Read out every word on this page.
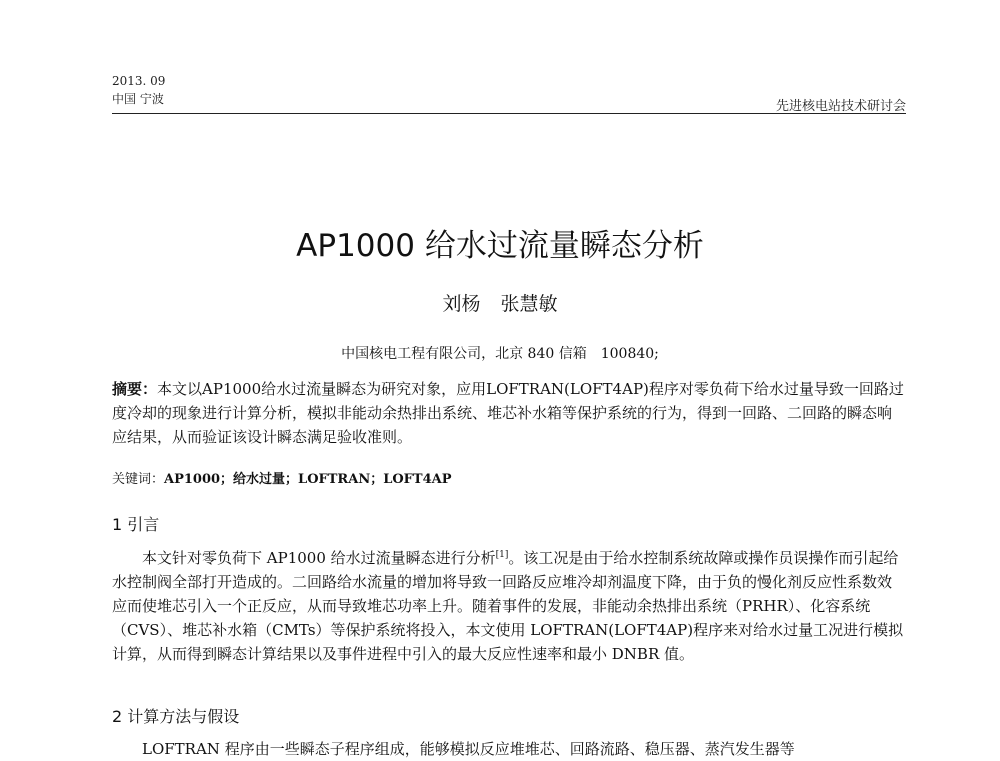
2013. 09
中国 宁波	先进核电站技术研讨会
AP1000 给水过流量瞬态分析
刘杨 张慧敏
中国核电工程有限公司，北京 840 信箱　100840;
摘要：本文以AP1000给水过流量瞬态为研究对象，应用LOFTRAN(LOFT4AP)程序对零负荷下给水过量导致一回路过度冷却的现象进行计算分析，模拟非能动余热排出系统、堆芯补水箱等保护系统的行为，得到一回路、二回路的瞬态响应结果，从而验证该设计瞬态满足验收准则。
关键词：AP1000；给水过量；LOFTRAN；LOFT4AP
1 引言
本文针对零负荷下 AP1000 给水过流量瞬态进行分析[1]。该工况是由于给水控制系统故障或操作员误操作而引起给水控制阀全部打开造成的。二回路给水流量的增加将导致一回路反应堆冷却剂温度下降，由于负的慢化剂反应性系数效应而使堆芯引入一个正反应，从而导致堆芯功率上升。随着事件的发展，非能动余热排出系统（PRHR）、化容系统（CVS）、堆芯补水箱（CMTs）等保护系统将投入，本文使用 LOFTRAN(LOFT4AP)程序来对给水过量工况进行模拟计算，从而得到瞬态计算结果以及事件进程中引入的最大反应性速率和最小 DNBR 值。
2 计算方法与假设
LOFTRAN 程序由一些瞬态子程序组成，能够模拟反应堆堆芯、回路流路、稳压器、蒸汽发生器等
